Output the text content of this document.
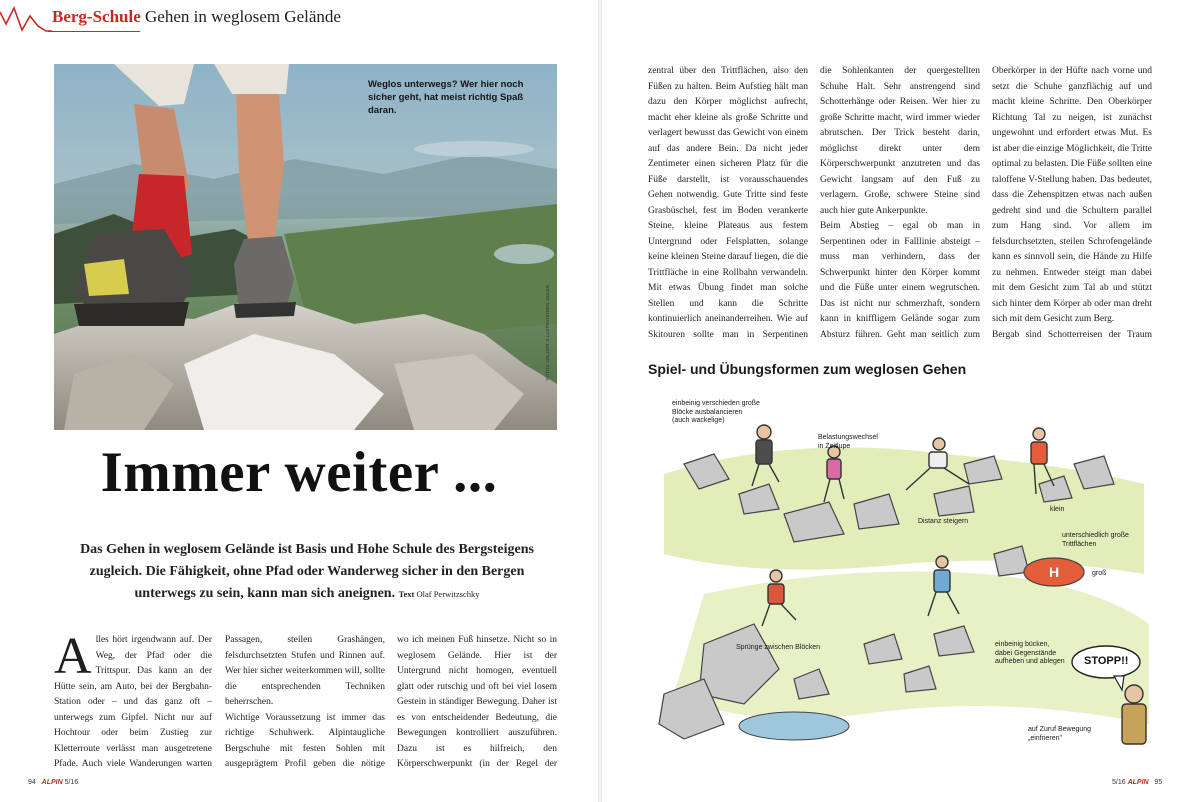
Berg-Schule Gehen in weglosem Gelände
Weglos unterwegs? Wer hier noch sicher geht, hat meist richtig Spaß daran.
FOTOS: GELDER; ILLUSTRATIONEN: NOLER
Immer weiter ...
Das Gehen in weglosem Gelände ist Basis und Hohe Schule des Bergsteigens zugleich. Die Fähigkeit, ohne Pfad oder Wanderweg sicher in den Bergen unterwegs zu sein, kann man sich aneignen. Text Olaf Perwitzschky
Alles hört irgendwann auf. Der Weg, der Pfad oder die Trittspur. Das kann an der Hütte sein, am Auto, bei der Bergbahn-Station oder – und das ganz oft – unterwegs zum Gipfel. Nicht nur auf Hochtour oder beim Zustieg zur Kletterroute verlässt man ausgetretene Pfade. Auch viele Wanderungen warten
Passagen, steilen Grashängen, felsdurchsetzten Stufen und Rinnen auf. Wer hier sicher weiterkommen will, sollte die entsprechenden Techniken beherrschen.
Wichtige Voraussetzung ist immer das richtige Schuhwerk. Alpintaugliche Bergschuhe mit festen Sohlen mit ausgeprägtem Profil geben die nötige
wo ich meinen Fuß hinsetze. Nicht so in weglosem Gelände. Hier ist der Untergrund nicht homogen, eventuell glatt oder rutschig und oft bei viel losem Gestein in ständiger Bewegung. Daher ist es von entscheidender Bedeutung, die Bewegungen kontrolliert auszuführen. Dazu ist es hilfreich, den Körperschwerpunkt (in der Regel der
zentral über den Trittflächen, also den Füßen zu halten. Beim Aufstieg hält man dazu den Körper möglichst aufrecht, macht eher kleine als große Schritte und verlagert bewusst das Gewicht von einem auf das andere Bein. Da nicht jeder Zentimeter einen sicheren Platz für die Füße darstellt, ist vorausschauendes Gehen notwendig. Gute Tritte sind feste Grasbüschel, fest im Boden verankerte Steine, kleine Plateaus aus festem Untergrund oder Felsplatten, solange keine kleinen Steine darauf liegen, die die Trittfläche in eine Rollbahn verwandeln. Mit etwas Übung findet man solche Stellen und kann die Schritte kontinuierlich aneinanderreihen. Wie auf Skitouren sollte man in Serpentinen
die Sohlenkanten der quergestellten Schuhe Halt. Sehr anstrengend sind Schotterhänge oder Reisen. Wer hier zu große Schritte macht, wird immer wieder abrutschen. Der Trick besteht darin, möglichst direkt unter dem Körperschwerpunkt anzutreten und das Gewicht langsam auf den Fuß zu verlagern. Große, schwere Steine sind auch hier gute Ankerpunkte.
Beim Abstieg – egal ob man in Serpentinen oder in Falllinie absteigt – muss man verhindern, dass der Schwerpunkt hinter den Körper kommt und die Füße unter einem wegrutschen. Das ist nicht nur schmerzhaft, sondern kann in kniffligem Gelände sogar zum Absturz führen. Geht man seitlich zum
Oberkörper in der Hüfte nach vorne und setzt die Schuhe ganzflächig auf und macht kleine Schritte. Den Oberkörper Richtung Tal zu neigen, ist zunächst ungewohnt und erfordert etwas Mut. Es ist aber die einzige Möglichkeit, die Tritte optimal zu belasten. Die Füße sollten eine taloffene V-Stellung haben. Das bedeutet, dass die Zehenspitzen etwas nach außen gedreht sind und die Schultern parallel zum Hang sind. Vor allem im felsdurchsetzten, steilen Schrofengelände kann es sinnvoll sein, die Hände zu Hilfe zu nehmen. Entweder steigt man dabei mit dem Gesicht zum Tal ab und stützt sich hinter dem Körper ab oder man dreht sich mit dem Gesicht zum Berg.
Bergab sind Schotterreisen der Traum
Spiel- und Übungsformen zum weglosen Gehen
H
einbeinig verschieden große
Blöcke ausbalancieren
(auch wackelige)
Belastungswechsel
in Zeitlupe
Distanz steigern
klein
unterschiedlich große
Trittflächen
groß
Sprünge zwischen Blöcken	einbeinig bücken,
dabei Gegenstände
aufheben und ablegen
auf Zuruf Bewegung
„einfrieren"
STOPP!!
94 ALPIN 5/16	5/16 ALPIN 95
